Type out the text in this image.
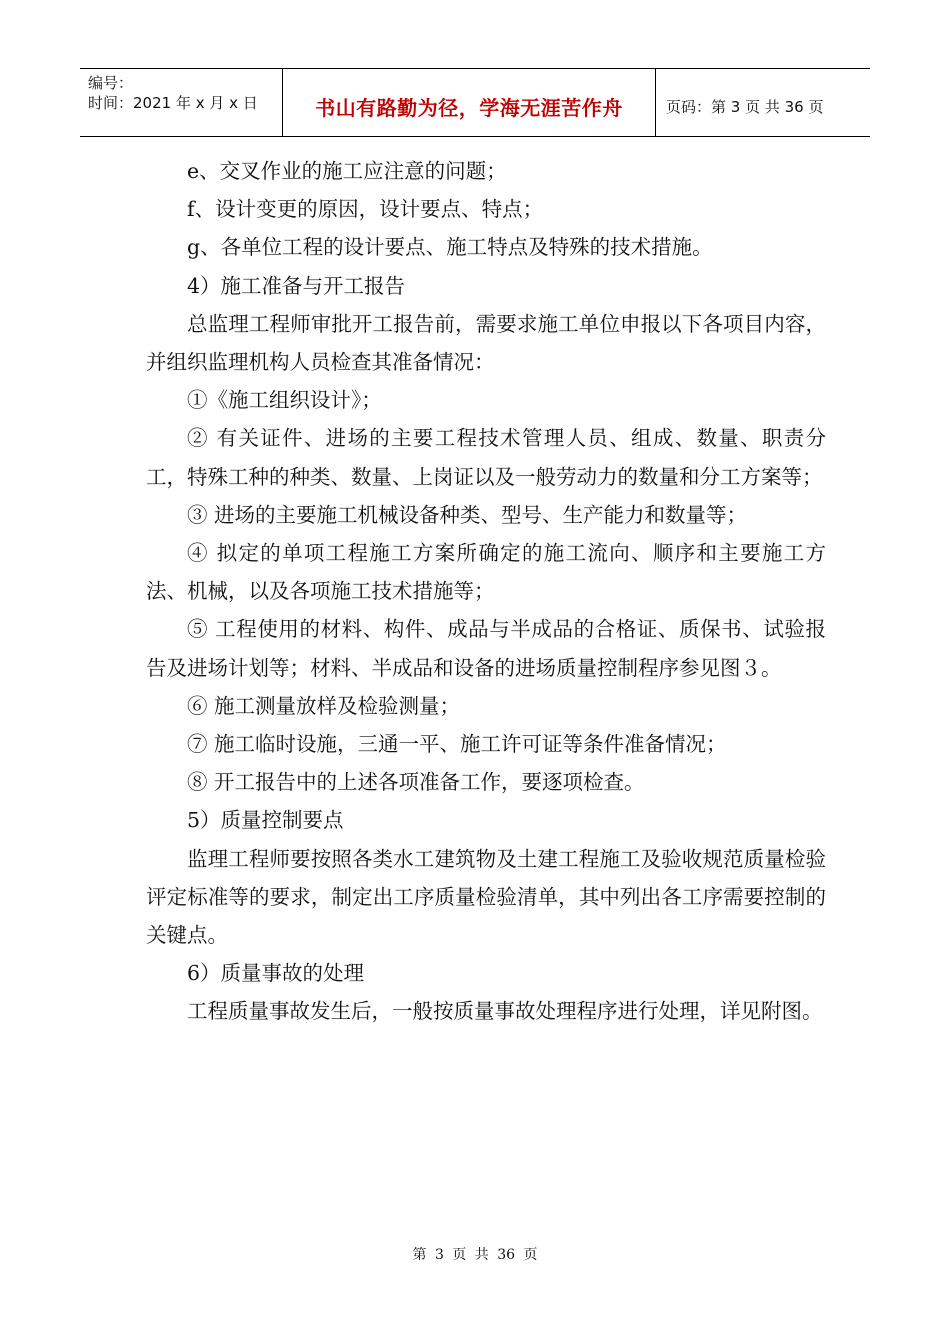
编号：
时间：2021 年 x 月 x 日	书山有路勤为径，学海无涯苦作舟	页码：第 3 页 共 36 页

e、交叉作业的施工应注意的问题；

f、设计变更的原因，设计要点、特点；

g、各单位工程的设计要点、施工特点及特殊的技术措施。

4）施工准备与开工报告

总监理工程师审批开工报告前，需要求施工单位申报以下各项目内容，并组织监理机构人员检查其准备情况：

①《施工组织设计》；

② 有关证件、进场的主要工程技术管理人员、组成、数量、职责分工，特殊工种的种类、数量、上岗证以及一般劳动力的数量和分工方案等；

③ 进场的主要施工机械设备种类、型号、生产能力和数量等；

④ 拟定的单项工程施工方案所确定的施工流向、顺序和主要施工方法、机械，以及各项施工技术措施等；

⑤ 工程使用的材料、构件、成品与半成品的合格证、质保书、试验报告及进场计划等；材料、半成品和设备的进场质量控制程序参见图３。

⑥ 施工测量放样及检验测量；

⑦ 施工临时设施，三通一平、施工许可证等条件准备情况；

⑧ 开工报告中的上述各项准备工作，要逐项检查。

5）质量控制要点

监理工程师要按照各类水工建筑物及土建工程施工及验收规范质量检验评定标准等的要求，制定出工序质量检验清单，其中列出各工序需要控制的关键点。

6）质量事故的处理

工程质量事故发生后，一般按质量事故处理程序进行处理，详见附图。

第 3 页 共 36 页
